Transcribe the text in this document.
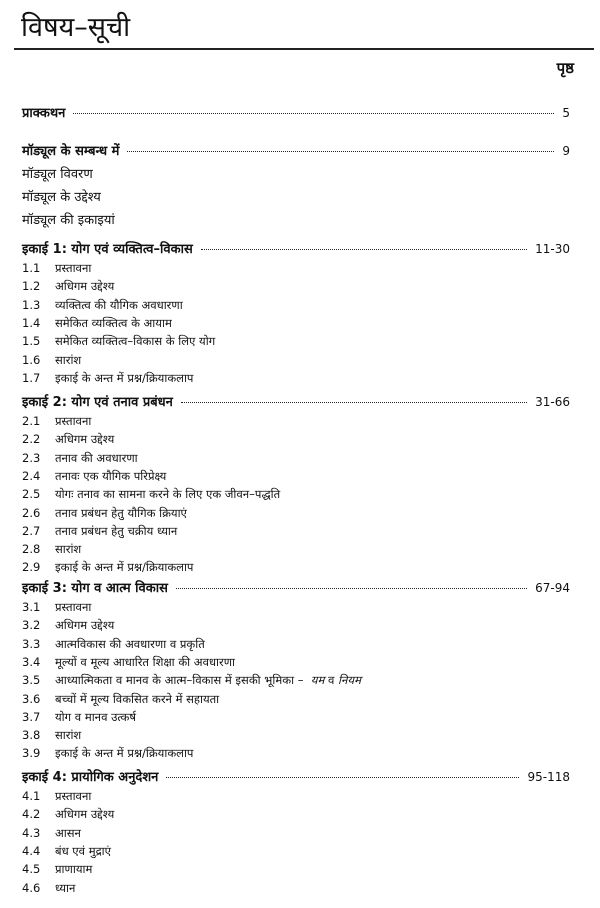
विषय–सूची
पृष्ठ
प्राक्कथन	5
मॉड्यूल के सम्बन्ध में	9
मॉड्यूल विवरण
मॉड्यूल के उद्देश्य
मॉड्यूल की इकाइयां
इकाई 1: योग एवं व्यक्तित्व–विकास	11-30
1.1	प्रस्तावना
1.2	अधिगम उद्देश्य
1.3	व्यक्तित्व की यौगिक अवधारणा
1.4	समेकित व्यक्तित्व के आयाम
1.5	समेकित व्यक्तित्व–विकास के लिए योग
1.6	सारांश
1.7	इकाई के अन्त में प्रश्न/क्रियाकलाप
इकाई 2: योग एवं तनाव प्रबंधन	31-66
2.1	प्रस्तावना
2.2	अधिगम उद्देश्य
2.3	तनाव की अवधारणा
2.4	तनावः एक यौगिक परिप्रेक्ष्य
2.5	योगः तनाव का सामना करने के लिए एक जीवन–पद्धति
2.6	तनाव प्रबंधन हेतु यौगिक क्रियाएं
2.7	तनाव प्रबंधन हेतु चक्रीय ध्यान
2.8	सारांश
2.9	इकाई के अन्त में प्रश्न/क्रियाकलाप
इकाई 3: योग व आत्म विकास	67-94
3.1	प्रस्तावना
3.2	अधिगम उद्देश्य
3.3	आत्मविकास की अवधारणा व प्रकृति
3.4	मूल्यों व मूल्य आधारित शिक्षा की अवधारणा
3.5	आध्यात्मिकता व मानव के आत्म–विकास में इसकी भूमिका – यम व नियम
3.6	बच्चों में मूल्य विकसित करने में सहायता
3.7	योग व मानव उत्कर्ष
3.8	सारांश
3.9	इकाई के अन्त में प्रश्न/क्रियाकलाप
इकाई 4: प्रायोगिक अनुदेशन	95-118
4.1	प्रस्तावना
4.2	अधिगम उद्देश्य
4.3	आसन
4.4	बंध एवं मुद्राएं
4.5	प्राणायाम
4.6	ध्यान
